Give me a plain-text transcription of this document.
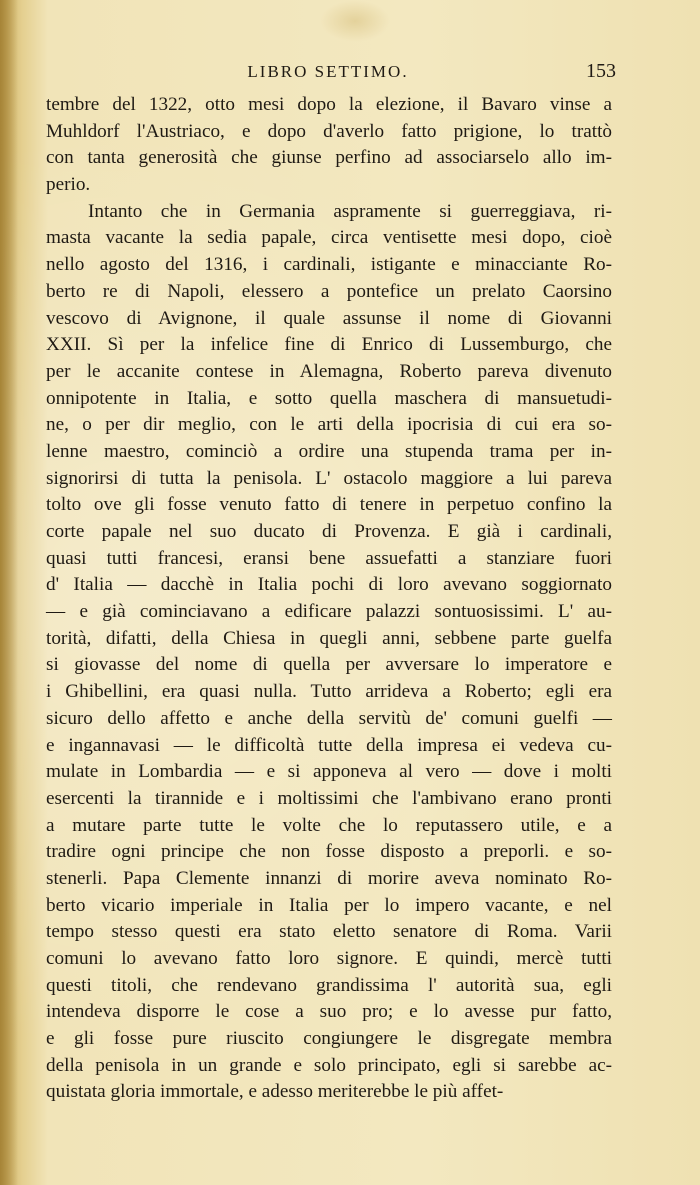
LIBRO SETTIMO.	153
tembre del 1322, otto mesi dopo la elezione, il Bavaro vinse a
Muhldorf l'Austriaco, e dopo d'averlo fatto prigione, lo trattò
con tanta generosità che giunse perfino ad associarselo allo im-
perio.
Intanto che in Germania aspramente si guerreggiava, ri-
masta vacante la sedia papale, circa ventisette mesi dopo, cioè
nello agosto del 1316, i cardinali, istigante e minacciante Ro-
berto re di Napoli, elessero a pontefice un prelato Caorsino
vescovo di Avignone, il quale assunse il nome di Giovanni
XXII. Sì per la infelice fine di Enrico di Lussemburgo, che
per le accanite contese in Alemagna, Roberto pareva divenuto
onnipotente in Italia, e sotto quella maschera di mansuetudi-
ne, o per dir meglio, con le arti della ipocrisia di cui era so-
lenne maestro, cominciò a ordire una stupenda trama per in-
signorirsi di tutta la penisola. L' ostacolo maggiore a lui pareva
tolto ove gli fosse venuto fatto di tenere in perpetuo confino la
corte papale nel suo ducato di Provenza. E già i cardinali,
quasi tutti francesi, eransi bene assuefatti a stanziare fuori
d' Italia — dacchè in Italia pochi di loro avevano soggiornato
— e già cominciavano a edificare palazzi sontuosissimi. L' au-
torità, difatti, della Chiesa in quegli anni, sebbene parte guelfa
si giovasse del nome di quella per avversare lo imperatore e
i Ghibellini, era quasi nulla. Tutto arrideva a Roberto; egli era
sicuro dello affetto e anche della servitù de' comuni guelfi —
e ingannavasi — le difficoltà tutte della impresa ei vedeva cu-
mulate in Lombardia — e si apponeva al vero — dove i molti
esercenti la tirannide e i moltissimi che l'ambivano erano pronti
a mutare parte tutte le volte che lo reputassero utile, e a
tradire ogni principe che non fosse disposto a preporli. e so-
stenerli. Papa Clemente innanzi di morire aveva nominato Ro-
berto vicario imperiale in Italia per lo impero vacante, e nel
tempo stesso questi era stato eletto senatore di Roma. Varii
comuni lo avevano fatto loro signore. E quindi, mercè tutti
questi titoli, che rendevano grandissima l' autorità sua, egli
intendeva disporre le cose a suo pro; e lo avesse pur fatto,
e gli fosse pure riuscito congiungere le disgregate membra
della penisola in un grande e solo principato, egli si sarebbe ac-
quistata gloria immortale, e adesso meriterebbe le più affet-
